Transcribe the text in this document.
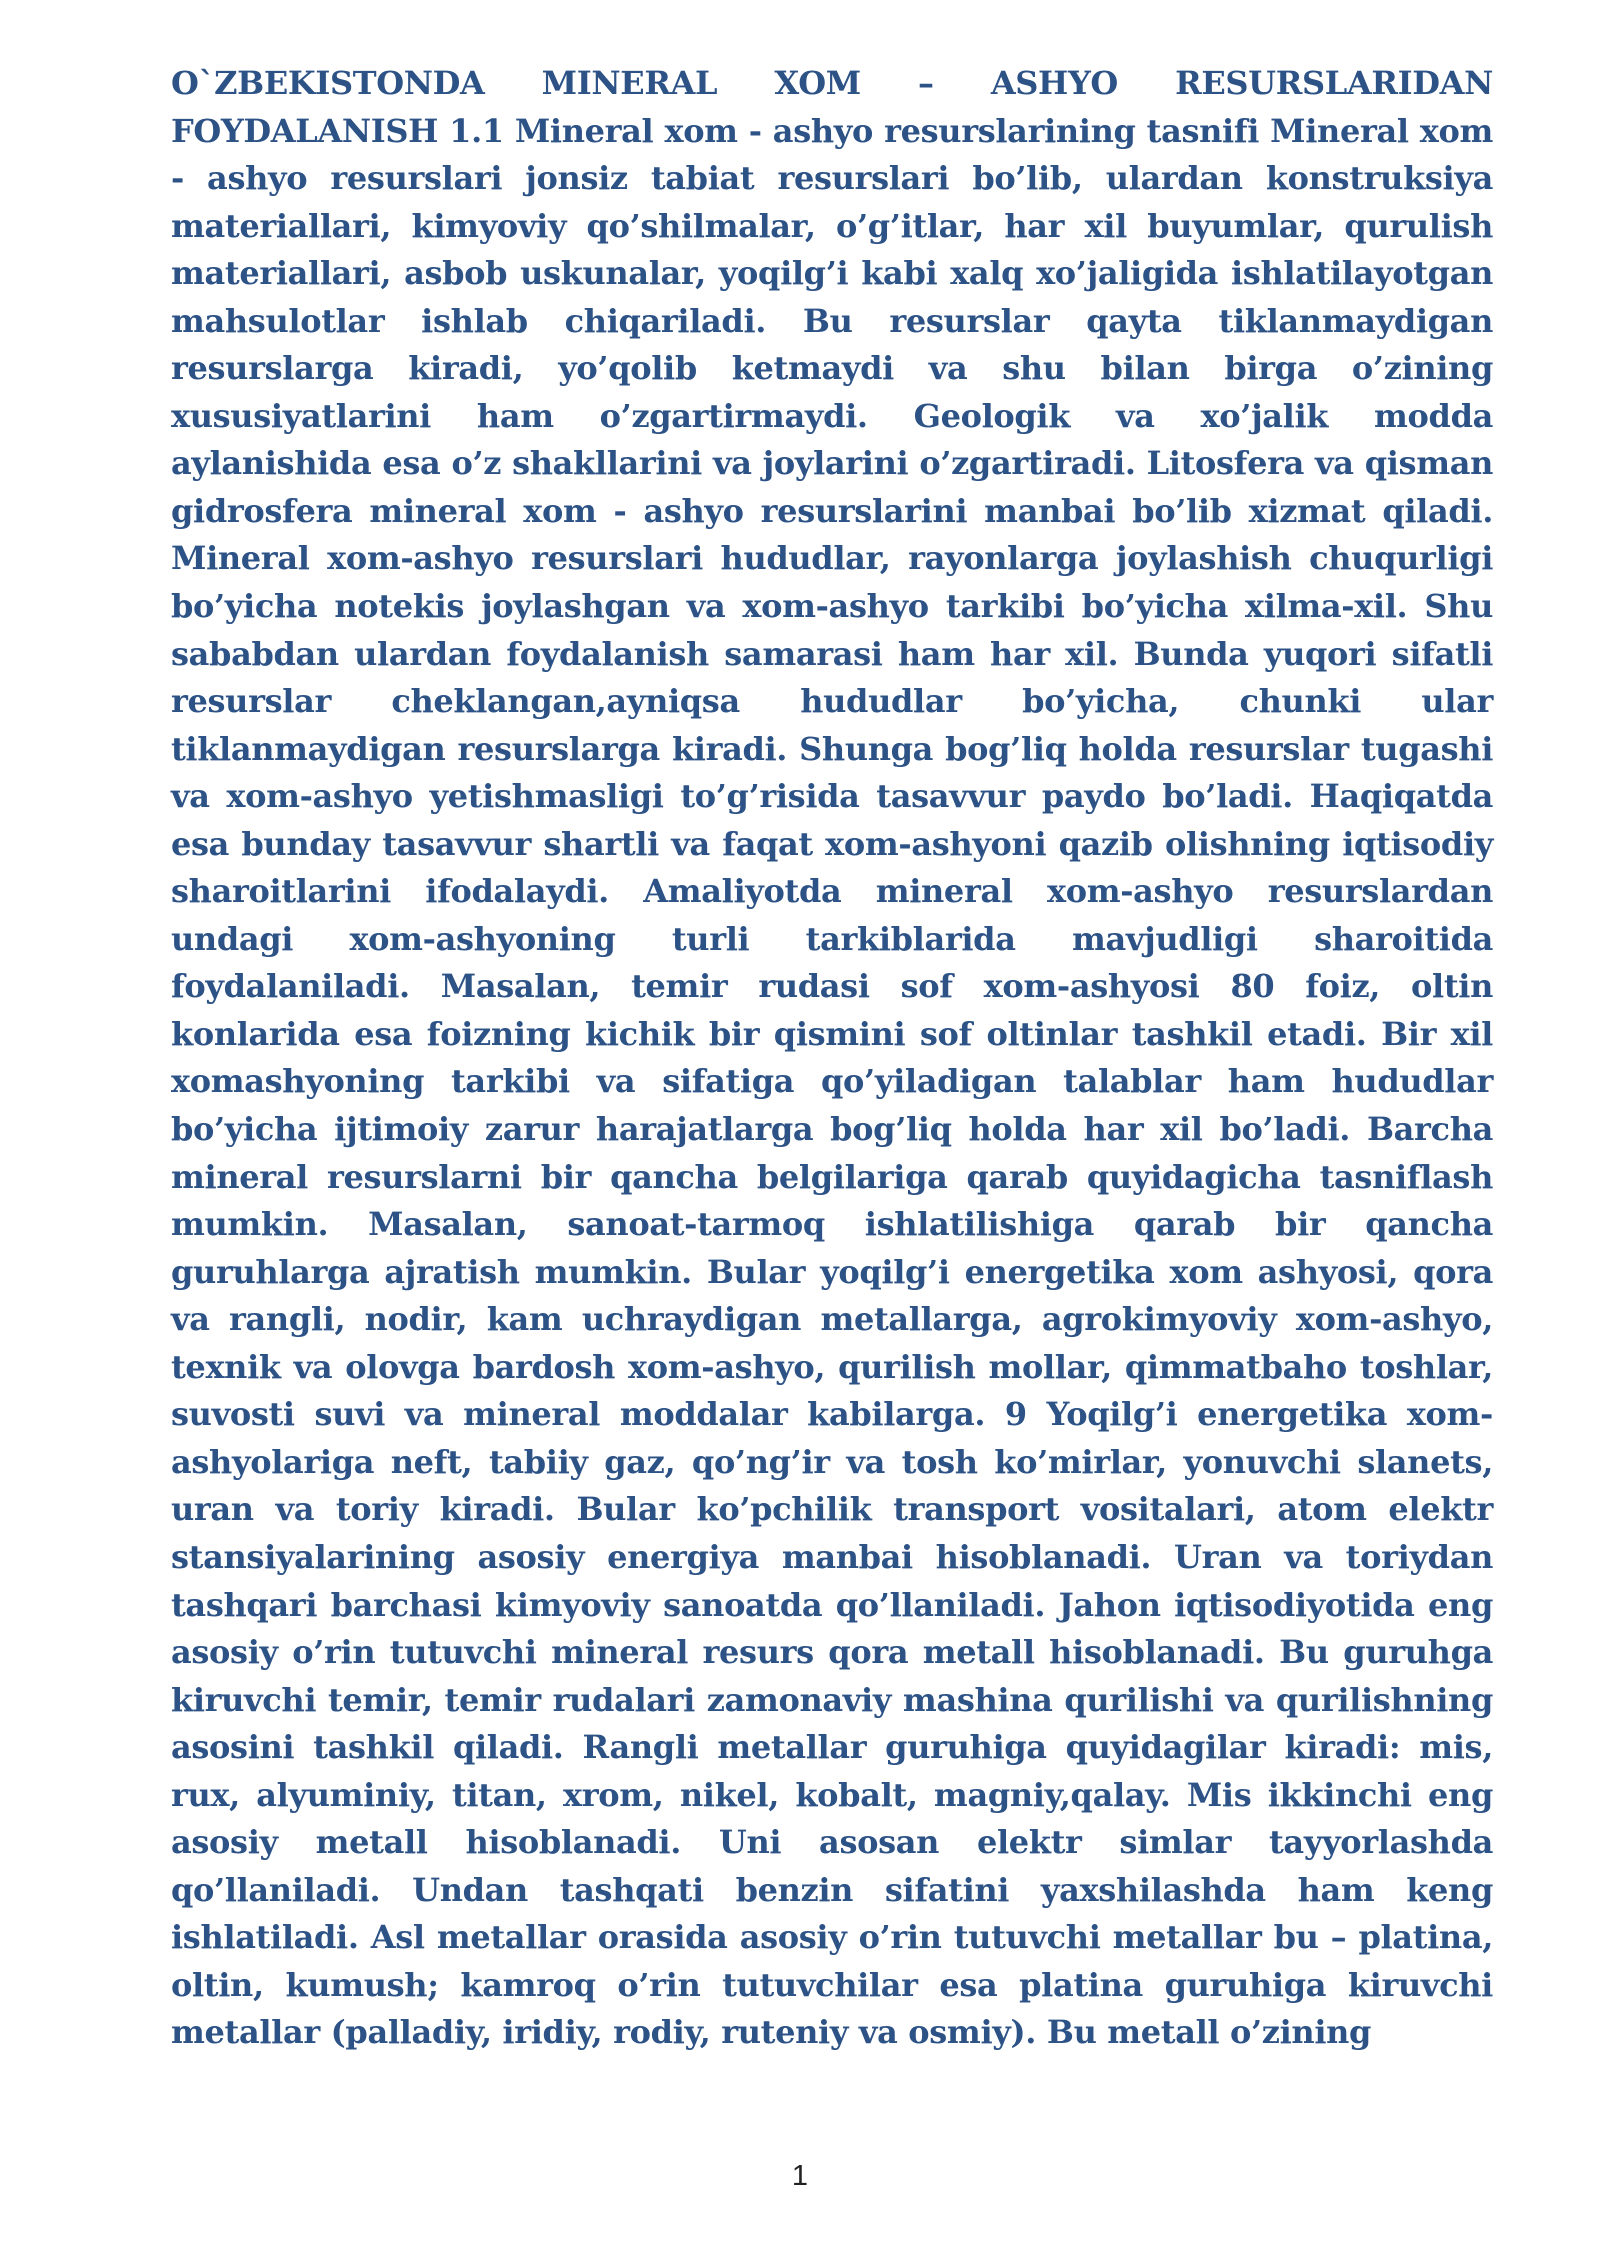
O`ZBEKISTONDA MINERAL XOM – ASHYO RESURSLARIDAN FOYDALANISH 1.1 Mineral xom - ashyo resurslarining tasnifi Mineral xom - ashyo resurslari jonsiz tabiat resurslari bo’lib, ulardan konstruksiya materiallari, kimyoviy qo’shilmalar, o’g’itlar, har xil buyumlar, qurulish materiallari, asbob uskunalar, yoqilg’i kabi xalq xo’jaligida ishlatilayotgan mahsulotlar ishlab chiqariladi. Bu resurslar qayta tiklanmaydigan resurslarga kiradi, yo’qolib ketmaydi va shu bilan birga o’zining xususiyatlarini ham o’zgartirmaydi. Geologik va xo’jalik modda aylanishida esa o’z shakllarini va joylarini o’zgartiradi. Litosfera va qisman gidrosfera mineral xom - ashyo resurslarini manbai bo’lib xizmat qiladi. Mineral xom-ashyo resurslari hududlar, rayonlarga joylashish chuqurligi bo’yicha notekis joylashgan va xom-ashyo tarkibi bo’yicha xilma-xil. Shu sababdan ulardan foydalanish samarasi ham har xil. Bunda yuqori sifatli resurslar cheklangan,ayniqsa hududlar bo’yicha, chunki ular tiklanmaydigan resurslarga kiradi. Shunga bog’liq holda resurslar tugashi va xom-ashyo yetishmasligi to’g’risida tasavvur paydo bo’ladi. Haqiqatda esa bunday tasavvur shartli va faqat xom-ashyoni qazib olishning iqtisodiy sharoitlarini ifodalaydi. Amaliyotda mineral xom-ashyo resurslardan undagi xom-ashyoning turli tarkiblarida mavjudligi sharoitida foydalaniladi. Masalan, temir rudasi sof xom-ashyosi 80 foiz, oltin konlarida esa foizning kichik bir qismini sof oltinlar tashkil etadi. Bir xil xomashyoning tarkibi va sifatiga qo’yiladigan talablar ham hududlar bo’yicha ijtimoiy zarur harajatlarga bog’liq holda har xil bo’ladi. Barcha mineral resurslarni bir qancha belgilariga qarab quyidagicha tasniflash mumkin. Masalan, sanoat-tarmoq ishlatilishiga qarab bir qancha guruhlarga ajratish mumkin. Bular yoqilg’i energetika xom ashyosi, qora va rangli, nodir, kam uchraydigan metallarga, agrokimyoviy xom-ashyo, texnik va olovga bardosh xom-ashyo, qurilish mollar, qimmatbaho toshlar, suvosti suvi va mineral moddalar kabilarga. 9 Yoqilg’i energetika xom-ashyolariga neft, tabiiy gaz, qo’ng’ir va tosh ko’mirlar, yonuvchi slanets, uran va toriy kiradi. Bular ko’pchilik transport vositalari, atom elektr stansiyalarining asosiy energiya manbai hisoblanadi. Uran va toriydan tashqari barchasi kimyoviy sanoatda qo’llaniladi. Jahon iqtisodiyotida eng asosiy o’rin tutuvchi mineral resurs qora metall hisoblanadi. Bu guruhga kiruvchi temir, temir rudalari zamonaviy mashina qurilishi va qurilishning asosini tashkil qiladi. Rangli metallar guruhiga quyidagilar kiradi: mis, rux, alyuminiy, titan, xrom, nikel, kobalt, magniy,qalay. Mis ikkinchi eng asosiy metall hisoblanadi. Uni asosan elektr simlar tayyorlashda qo’llaniladi. Undan tashqati benzin sifatini yaxshilashda ham keng ishlatiladi. Asl metallar orasida asosiy o’rin tutuvchi metallar bu – platina, oltin, kumush; kamroq o’rin tutuvchilar esa platina guruhiga kiruvchi metallar (palladiy, iridiy, rodiy, ruteniy va osmiy). Bu metall o’zining

1
